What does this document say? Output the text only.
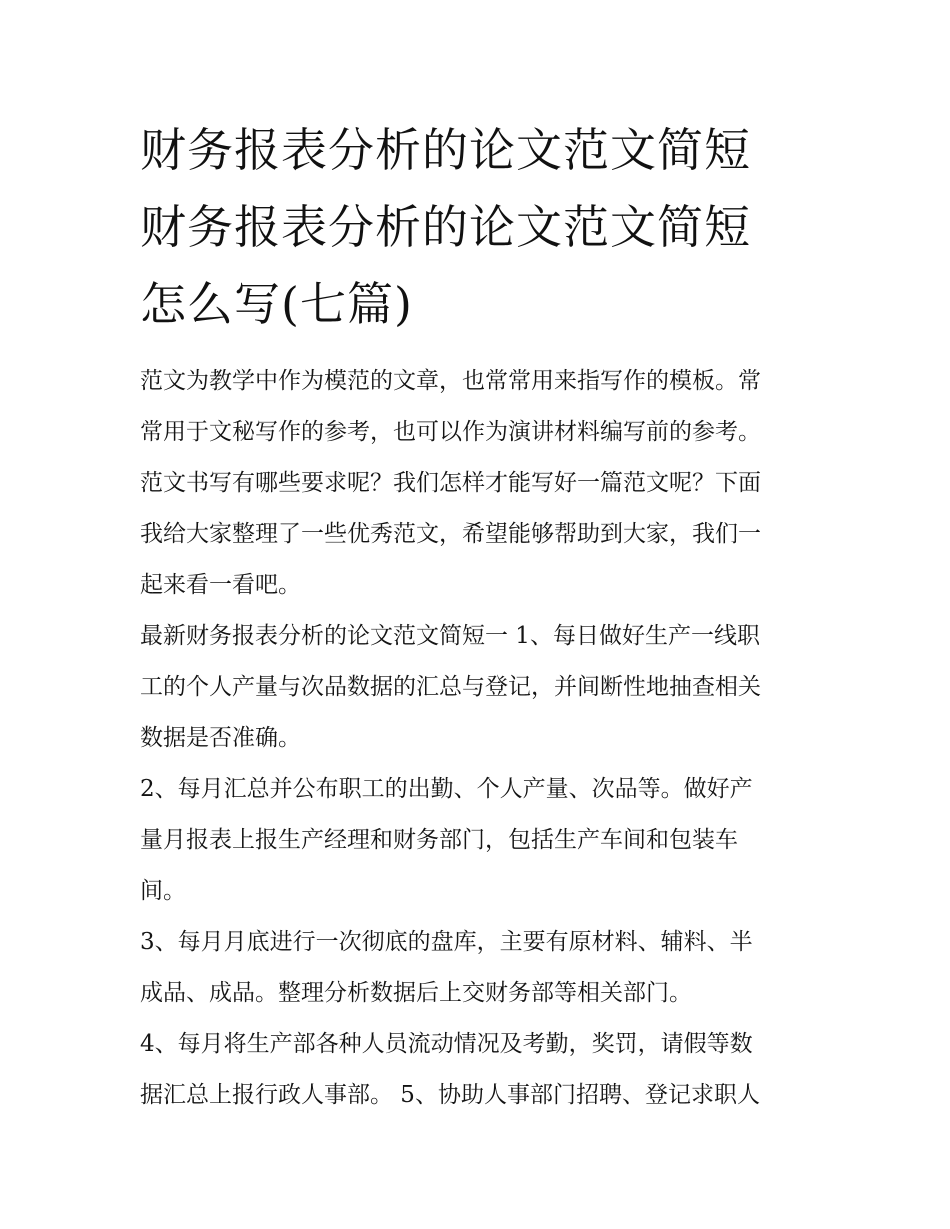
财务报表分析的论文范文简短
财务报表分析的论文范文简短
怎么写(七篇)

范文为教学中作为模范的文章，也常常用来指写作的模板。常
常用于文秘写作的参考，也可以作为演讲材料编写前的参考。
范文书写有哪些要求呢？我们怎样才能写好一篇范文呢？下面
我给大家整理了一些优秀范文，希望能够帮助到大家，我们一
起来看一看吧。

最新财务报表分析的论文范文简短一 1、每日做好生产一线职
工的个人产量与次品数据的汇总与登记，并间断性地抽查相关
数据是否准确。

2、每月汇总并公布职工的出勤、个人产量、次品等。做好产
量月报表上报生产经理和财务部门，包括生产车间和包装车
间。

3、每月月底进行一次彻底的盘库，主要有原材料、辅料、半
成品、成品。整理分析数据后上交财务部等相关部门。

4、每月将生产部各种人员流动情况及考勤，奖罚，请假等数
据汇总上报行政人事部。 5、协助人事部门招聘、登记求职人
